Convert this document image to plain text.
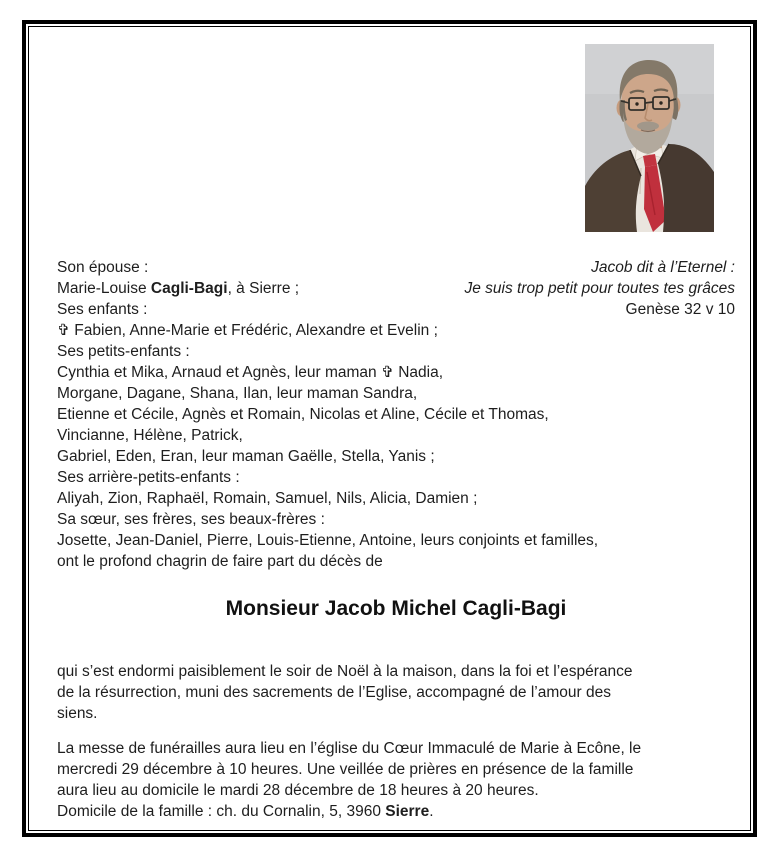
Son épouse :	Jacob dit à l’Eternel :
Marie-Louise Cagli-Bagi, à Sierre ;	Je suis trop petit pour toutes tes grâces
Ses enfants :	Genèse 32 v 10
✞ Fabien, Anne-Marie et Frédéric, Alexandre et Evelin ;
Ses petits-enfants :
Cynthia et Mika, Arnaud et Agnès, leur maman ✞ Nadia,
Morgane, Dagane, Shana, Ilan, leur maman Sandra,
Etienne et Cécile, Agnès et Romain, Nicolas et Aline, Cécile et Thomas,
Vincianne, Hélène, Patrick,
Gabriel, Eden, Eran, leur maman Gaëlle, Stella, Yanis ;
Ses arrière-petits-enfants :
Aliyah, Zion, Raphaël, Romain, Samuel, Nils, Alicia, Damien ;
Sa sœur, ses frères, ses beaux-frères :
Josette, Jean-Daniel, Pierre, Louis-Etienne, Antoine, leurs conjoints et familles,
ont le profond chagrin de faire part du décès de
Monsieur Jacob Michel Cagli-Bagi
qui s’est endormi paisiblement le soir de Noël à la maison, dans la foi et l’espérance
de la résurrection, muni des sacrements de l’Eglise, accompagné de l’amour des
siens.
La messe de funérailles aura lieu en l’église du Cœur Immaculé de Marie à Ecône, le
mercredi 29 décembre à 10 heures. Une veillée de prières en présence de la famille
aura lieu au domicile le mardi 28 décembre de 18 heures à 20 heures.
Domicile de la famille : ch. du Cornalin, 5, 3960 Sierre.
